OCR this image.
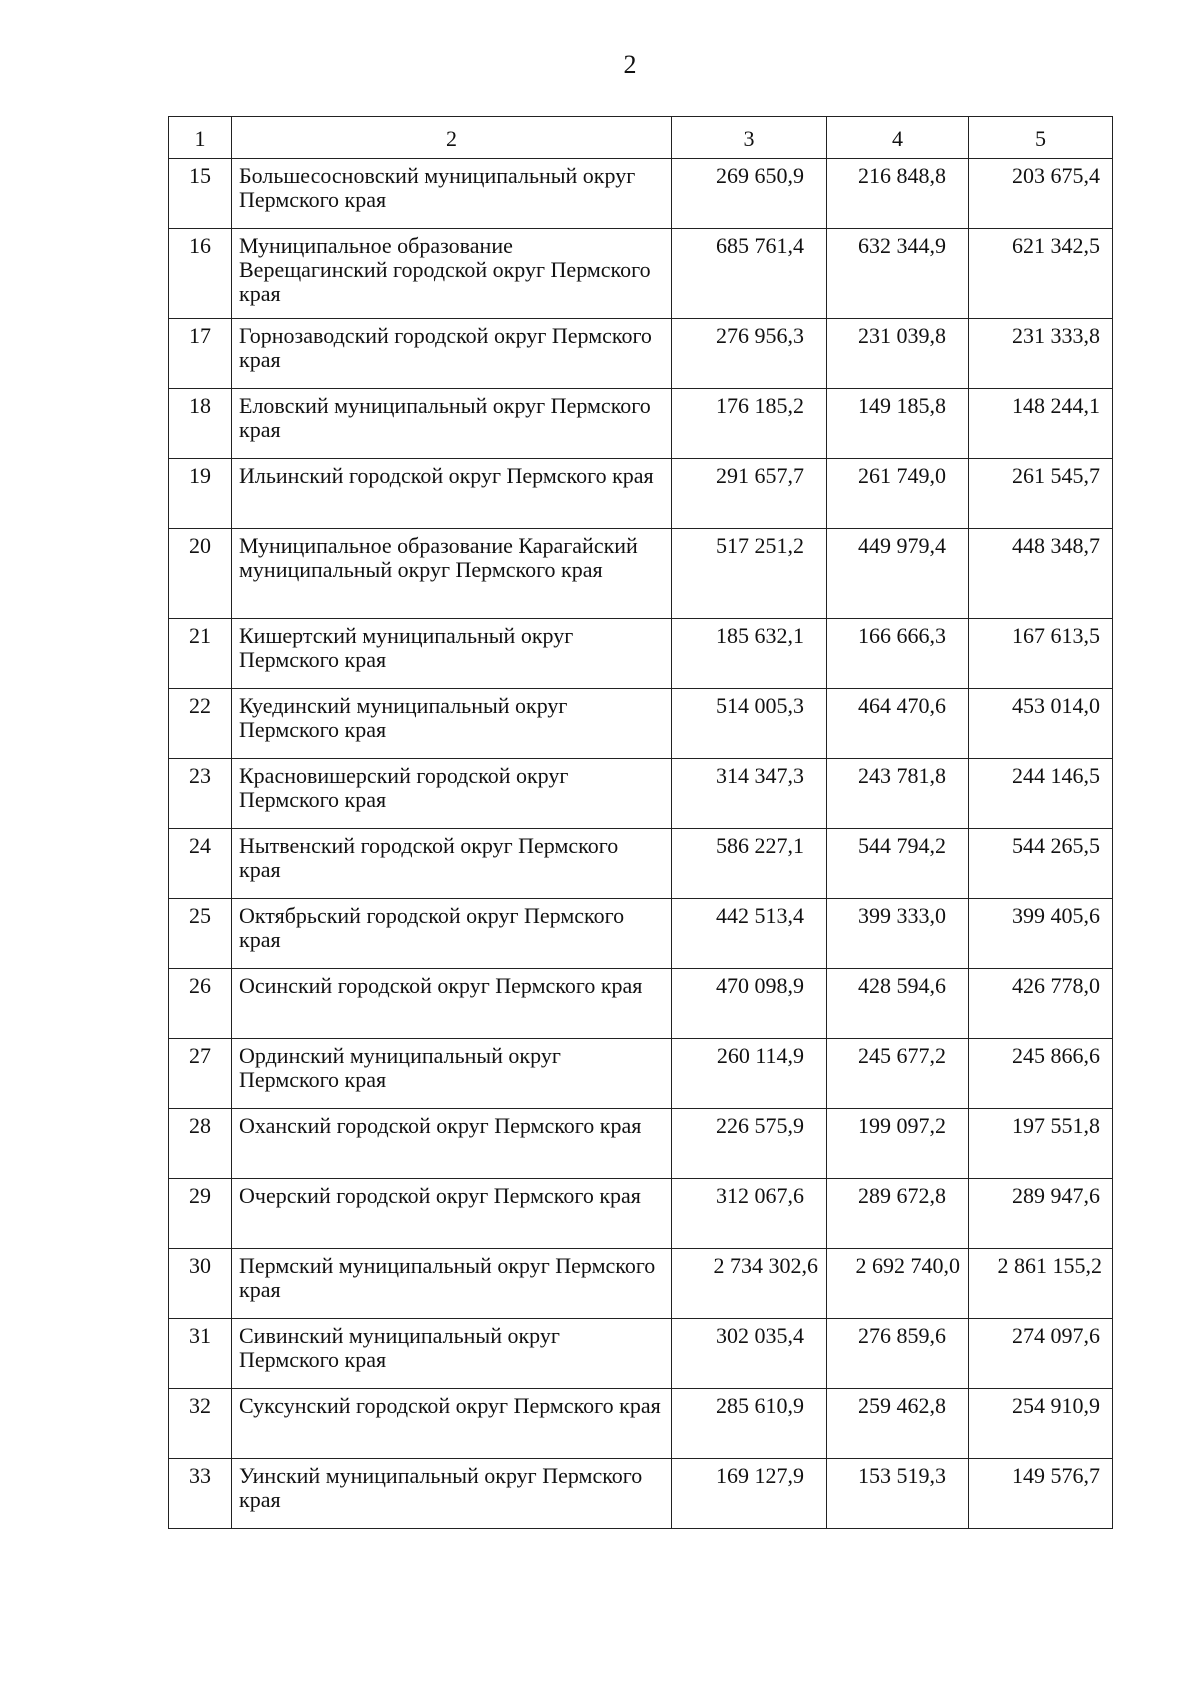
2
1	2	3	4	5
15	Большесосновский муниципальный округ Пермского края	269 650,9	216 848,8	203 675,4
16	Муниципальное образование Верещагинский городской округ Пермского края	685 761,4	632 344,9	621 342,5
17	Горнозаводский городской округ Пермского края	276 956,3	231 039,8	231 333,8
18	Еловский муниципальный округ Пермского края	176 185,2	149 185,8	148 244,1
19	Ильинский городской округ Пермского края	291 657,7	261 749,0	261 545,7
20	Муниципальное образование Карагайский муниципальный округ Пермского края	517 251,2	449 979,4	448 348,7
21	Кишертский муниципальный округ Пермского края	185 632,1	166 666,3	167 613,5
22	Куединский муниципальный округ Пермского края	514 005,3	464 470,6	453 014,0
23	Красновишерский городской округ Пермского края	314 347,3	243 781,8	244 146,5
24	Нытвенский городской округ Пермского края	586 227,1	544 794,2	544 265,5
25	Октябрьский городской округ Пермского края	442 513,4	399 333,0	399 405,6
26	Осинский городской округ Пермского края	470 098,9	428 594,6	426 778,0
27	Ординский муниципальный округ Пермского края	260 114,9	245 677,2	245 866,6
28	Оханский городской округ Пермского края	226 575,9	199 097,2	197 551,8
29	Очерский городской округ Пермского края	312 067,6	289 672,8	289 947,6
30	Пермский муниципальный округ Пермского края	2 734 302,6	2 692 740,0	2 861 155,2
31	Сивинский муниципальный округ Пермского края	302 035,4	276 859,6	274 097,6
32	Суксунский городской округ Пермского края	285 610,9	259 462,8	254 910,9
33	Уинский муниципальный округ Пермского края	169 127,9	153 519,3	149 576,7
